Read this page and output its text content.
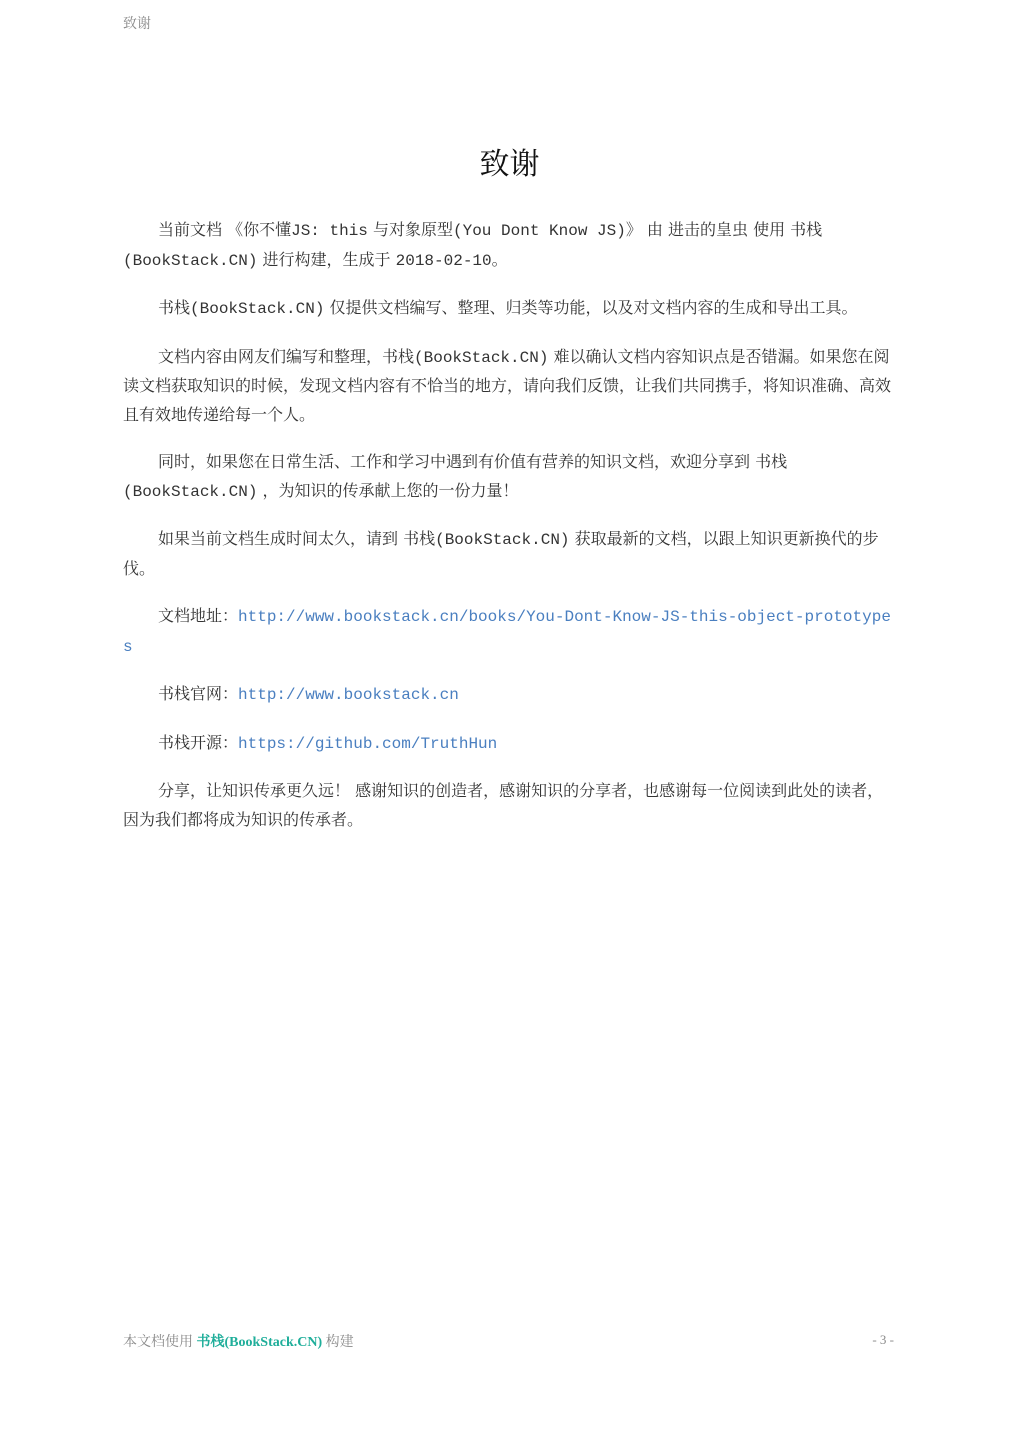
致谢
致谢

当前文档 《你不懂JS: this 与对象原型(You Dont Know JS)》 由 进击的皇虫 使用 书栈(BookStack.CN) 进行构建，生成于 2018-02-10。

书栈(BookStack.CN) 仅提供文档编写、整理、归类等功能，以及对文档内容的生成和导出工具。

文档内容由网友们编写和整理，书栈(BookStack.CN) 难以确认文档内容知识点是否错漏。如果您在阅读文档获取知识的时候，发现文档内容有不恰当的地方，请向我们反馈，让我们共同携手，将知识准确、高效且有效地传递给每一个人。

同时，如果您在日常生活、工作和学习中遇到有价值有营养的知识文档，欢迎分享到 书栈(BookStack.CN) ，为知识的传承献上您的一份力量！

如果当前文档生成时间太久，请到 书栈(BookStack.CN) 获取最新的文档，以跟上知识更新换代的步伐。

文档地址：http://www.bookstack.cn/books/You-Dont-Know-JS-this-object-prototypes

书栈官网：http://www.bookstack.cn

书栈开源：https://github.com/TruthHun

分享，让知识传承更久远！ 感谢知识的创造者，感谢知识的分享者，也感谢每一位阅读到此处的读者，因为我们都将成为知识的传承者。

本文档使用 书栈(BookStack.CN) 构建	- 3 -
